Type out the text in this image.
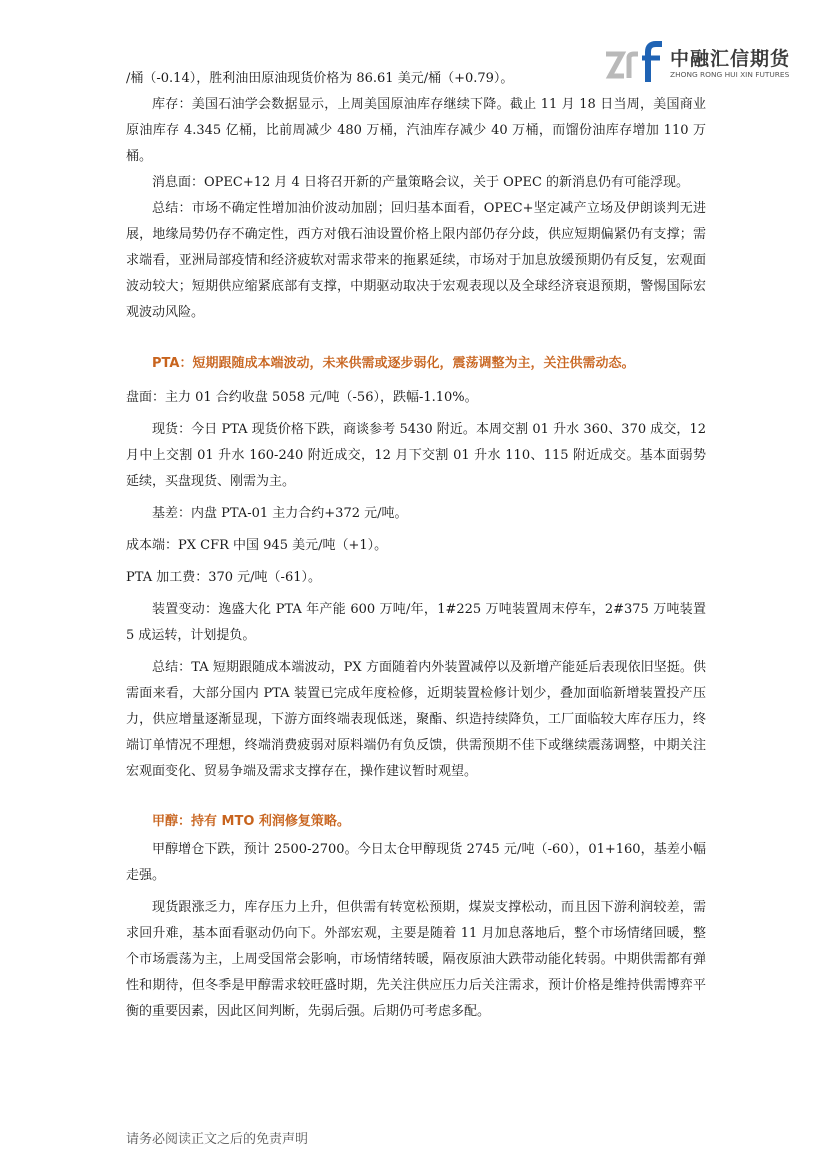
中融汇信期货
ZHONG RONG HUI XIN FUTURES

/桶（-0.14），胜利油田原油现货价格为 86.61 美元/桶（+0.79）。

库存：美国石油学会数据显示，上周美国原油库存继续下降。截止 11 月 18 日当周，美国商业原油库存 4.345 亿桶，比前周减少 480 万桶，汽油库存减少 40 万桶，而馏份油库存增加 110 万桶。

消息面：OPEC+12 月 4 日将召开新的产量策略会议，关于 OPEC 的新消息仍有可能浮现。

总结：市场不确定性增加油价波动加剧；回归基本面看，OPEC+坚定减产立场及伊朗谈判无进展，地缘局势仍存不确定性，西方对俄石油设置价格上限内部仍存分歧，供应短期偏紧仍有支撑；需求端看，亚洲局部疫情和经济疲软对需求带来的拖累延续，市场对于加息放缓预期仍有反复，宏观面波动较大；短期供应缩紧底部有支撑，中期驱动取决于宏观表现以及全球经济衰退预期，警惕国际宏观波动风险。

PTA：短期跟随成本端波动，未来供需或逐步弱化，震荡调整为主，关注供需动态。

盘面：主力 01 合约收盘 5058 元/吨（-56），跌幅-1.10%。

现货：今日 PTA 现货价格下跌，商谈参考 5430 附近。本周交割 01 升水 360、370 成交，12 月中上交割 01 升水 160-240 附近成交，12 月下交割 01 升水 110、115 附近成交。基本面弱势延续，买盘现货、刚需为主。

基差：内盘 PTA-01 主力合约+372 元/吨。

成本端：PX CFR 中国 945 美元/吨（+1）。

PTA 加工费：370 元/吨（-61）。

装置变动：逸盛大化 PTA 年产能 600 万吨/年，1#225 万吨装置周末停车，2#375 万吨装置 5 成运转，计划提负。

总结：TA 短期跟随成本端波动，PX 方面随着内外装置减停以及新增产能延后表现依旧坚挺。供需面来看，大部分国内 PTA 装置已完成年度检修，近期装置检修计划少，叠加面临新增装置投产压力，供应增量逐渐显现，下游方面终端表现低迷，聚酯、织造持续降负，工厂面临较大库存压力，终端订单情况不理想，终端消费疲弱对原料端仍有负反馈，供需预期不佳下或继续震荡调整，中期关注宏观面变化、贸易争端及需求支撑存在，操作建议暂时观望。

甲醇：持有 MTO 利润修复策略。

甲醇增仓下跌，预计 2500-2700。今日太仓甲醇现货 2745 元/吨（-60），01+160，基差小幅走强。

现货跟涨乏力，库存压力上升，但供需有转宽松预期，煤炭支撑松动，而且因下游利润较差，需求回升难，基本面看驱动仍向下。外部宏观，主要是随着 11 月加息落地后，整个市场情绪回暖，整个市场震荡为主，上周受国常会影响，市场情绪转暖，隔夜原油大跌带动能化转弱。中期供需都有弹性和期待，但冬季是甲醇需求较旺盛时期，先关注供应压力后关注需求，预计价格是维持供需博弈平衡的重要因素，因此区间判断，先弱后强。后期仍可考虑多配。

请务必阅读正文之后的免责声明
